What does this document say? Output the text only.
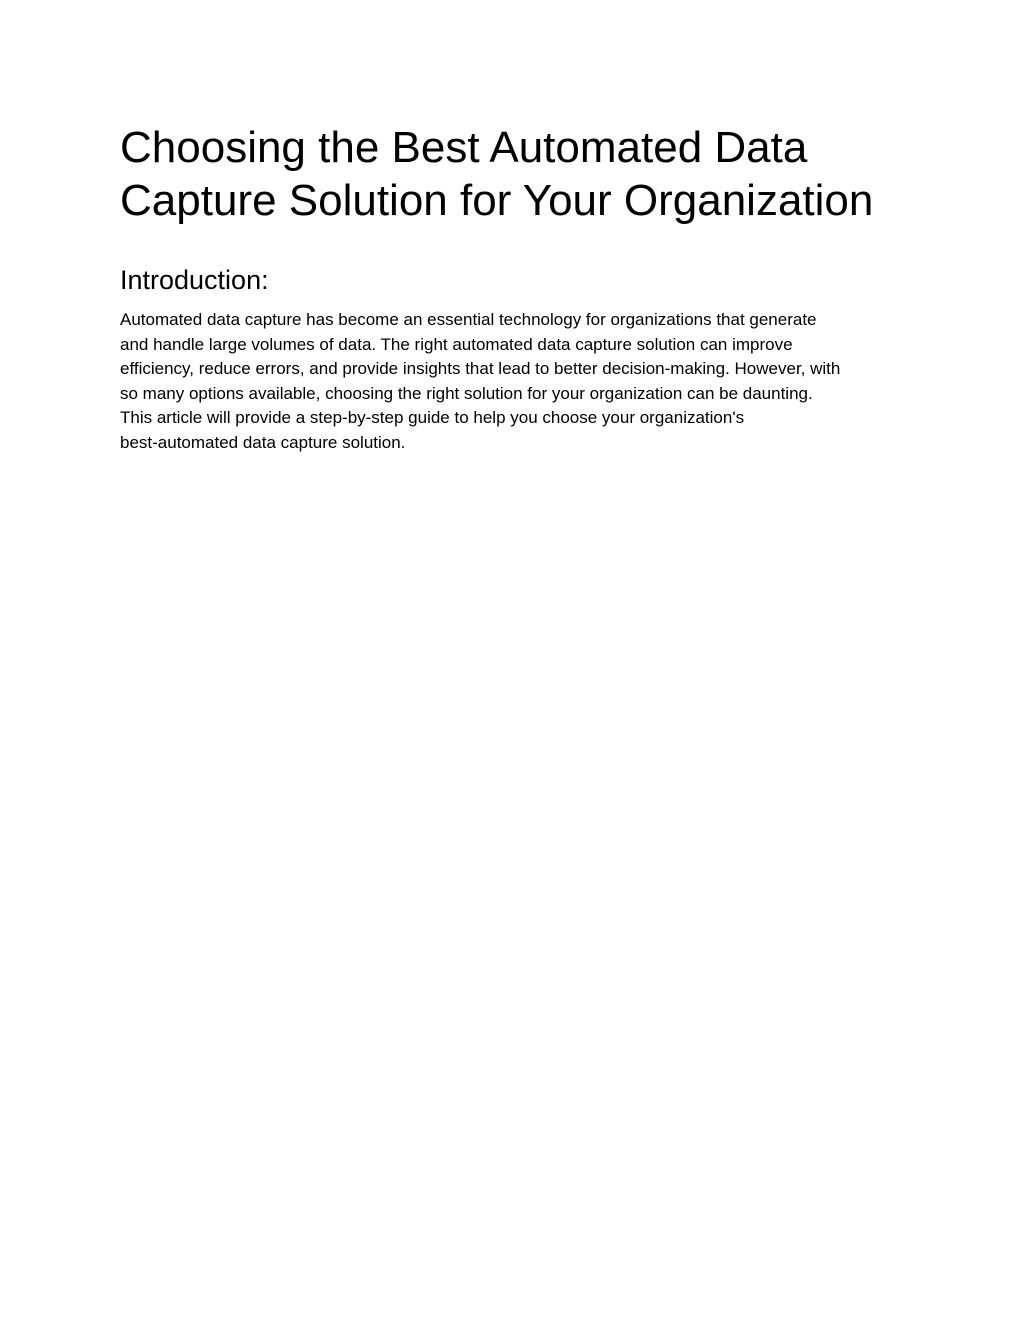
Choosing the Best Automated Data
Capture Solution for Your Organization
Introduction:

Automated data capture has become an essential technology for organizations that generate
and handle large volumes of data. The right automated data capture solution can improve
efficiency, reduce errors, and provide insights that lead to better decision-making. However, with
so many options available, choosing the right solution for your organization can be daunting.
This article will provide a step-by-step guide to help you choose your organization's
best-automated data capture solution.
